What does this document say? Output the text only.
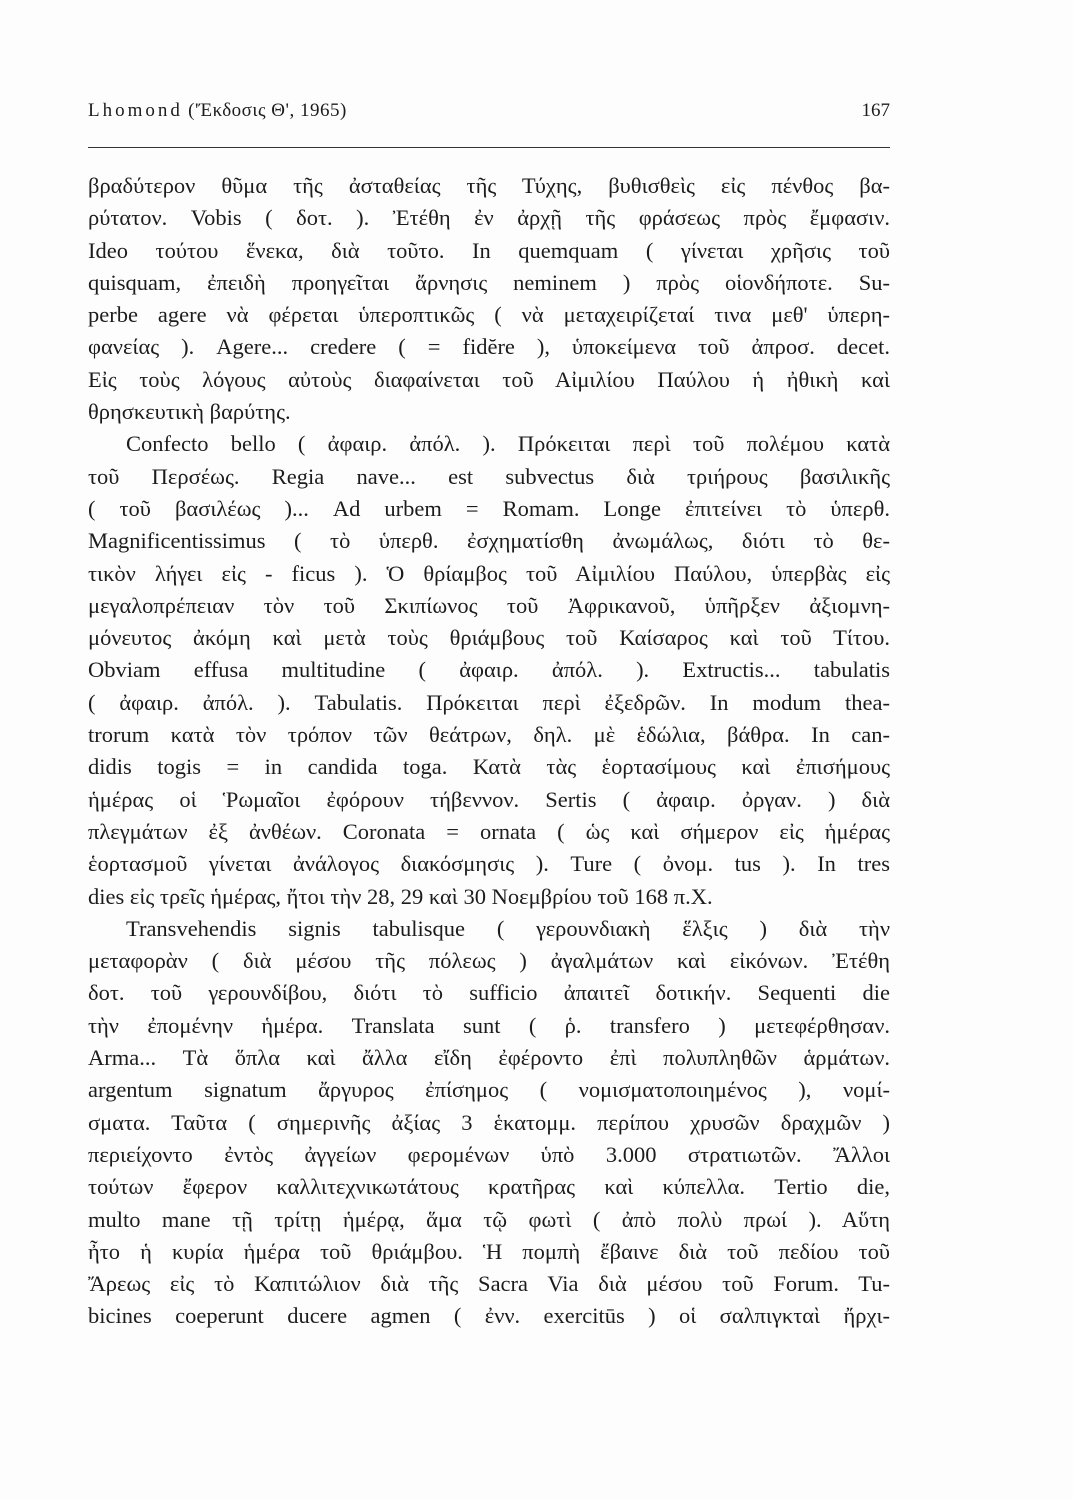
Lhomond ('Έκδοσις Θ', 1965)	167
βραδύτερον θῦμα τῆς ἀσταθείας τῆς Τύχης, βυθισθεὶς εἰς πένθος βα-
ρύτατον. Vobis ( δοτ. ). Ἐτέθη ἐν ἀρχῇ τῆς φράσεως πρὸς ἔμφασιν.
Ideo τούτου ἕνεκα, διὰ τοῦτο. In quemquam ( γίνεται χρῆσις τοῦ
quisquam, ἐπειδὴ προηγεῖται ἄρνησις neminem ) πρὸς οἱονδήποτε. Su-
perbe agere νὰ φέρεται ὑπεροπτικῶς ( νὰ μεταχειρίζεταί τινα μεθ' ὑπερη-
φανείας ). Agere... credere ( = fidĕre ), ὑποκείμενα τοῦ ἀπροσ. decet.
Εἰς τοὺς λόγους αὐτοὺς διαφαίνεται τοῦ Αἰμιλίου Παύλου ἡ ἠθικὴ καὶ
θρησκευτικὴ βαρύτης.
Confecto bello ( ἀφαιρ. ἀπόλ. ). Πρόκειται περὶ τοῦ πολέμου κατὰ
τοῦ Περσέως. Regia nave... est subvectus διὰ τριήρους βασιλικῆς
( τοῦ βασιλέως )... Ad urbem = Romam. Longe ἐπιτείνει τὸ ὑπερθ.
Magnificentissimus ( τὸ ὑπερθ. ἐσχηματίσθη ἀνωμάλως, διότι τὸ θε-
τικὸν λήγει εἰς - ficus ). Ὁ θρίαμβος τοῦ Αἰμιλίου Παύλου, ὑπερβὰς εἰς
μεγαλοπρέπειαν τὸν τοῦ Σκιπίωνος τοῦ Ἀφρικανοῦ, ὑπῆρξεν ἀξιομνη-
μόνευτος ἀκόμη καὶ μετὰ τοὺς θριάμβους τοῦ Καίσαρος καὶ τοῦ Τίτου.
Obviam effusa multitudine ( ἀφαιρ. ἀπόλ. ). Extructis... tabulatis
( ἀφαιρ. ἀπόλ. ). Tabulatis. Πρόκειται περὶ ἐξεδρῶν. In modum thea-
trorum κατὰ τὸν τρόπον τῶν θεάτρων, δηλ. μὲ ἑδώλια, βάθρα. In can-
didis togis = in candida toga. Κατὰ τὰς ἑορτασίμους καὶ ἐπισήμους
ἡμέρας οἱ Ῥωμαῖοι ἐφόρουν τήβεννον. Sertis ( ἀφαιρ. ὀργαν. ) διὰ
πλεγμάτων ἐξ ἀνθέων. Coronata = ornata ( ὡς καὶ σήμερον εἰς ἡμέρας
ἑορτασμοῦ γίνεται ἀνάλογος διακόσμησις ). Ture ( ὀνομ. tus ). In tres
dies εἰς τρεῖς ἡμέρας, ἤτοι τὴν 28, 29 καὶ 30 Νοεμβρίου τοῦ 168 π.Χ.
Transvehendis signis tabulisque ( γερουνδιακὴ ἕλξις ) διὰ τὴν
μεταφορὰν ( διὰ μέσου τῆς πόλεως ) ἀγαλμάτων καὶ εἰκόνων. Ἐτέθη
δοτ. τοῦ γερουνδίβου, διότι τὸ sufficio ἀπαιτεῖ δοτικήν. Sequenti die
τὴν ἐπομένην ἡμέρα. Translata sunt ( ῥ. transfero ) μετεφέρθησαν.
Arma... Τὰ ὅπλα καὶ ἄλλα εἴδη ἐφέροντο ἐπὶ πολυπληθῶν ἁρμάτων.
argentum signatum ἄργυρος ἐπίσημος ( νομισματοποιημένος ), νομί-
σματα. Ταῦτα ( σημερινῆς ἀξίας 3 ἑκατομμ. περίπου χρυσῶν δραχμῶν )
περιείχοντο ἐντὸς ἀγγείων φερομένων ὑπὸ 3.000 στρατιωτῶν. Ἄλλοι
τούτων ἔφερον καλλιτεχνικωτάτους κρατῆρας καὶ κύπελλα. Tertio die,
multo mane τῇ τρίτῃ ἡμέρᾳ, ἅμα τῷ φωτὶ ( ἀπὸ πολὺ πρωί ). Αὕτη
ἦτο ἡ κυρία ἡμέρα τοῦ θριάμβου. Ἡ πομπὴ ἔβαινε διὰ τοῦ πεδίου τοῦ
Ἄρεως εἰς τὸ Καπιτώλιον διὰ τῆς Sacra Via διὰ μέσου τοῦ Forum. Tu-
bicines coeperunt ducere agmen ( ἐνν. exercitūs ) οἱ σαλπιγκταὶ ἤρχι-
